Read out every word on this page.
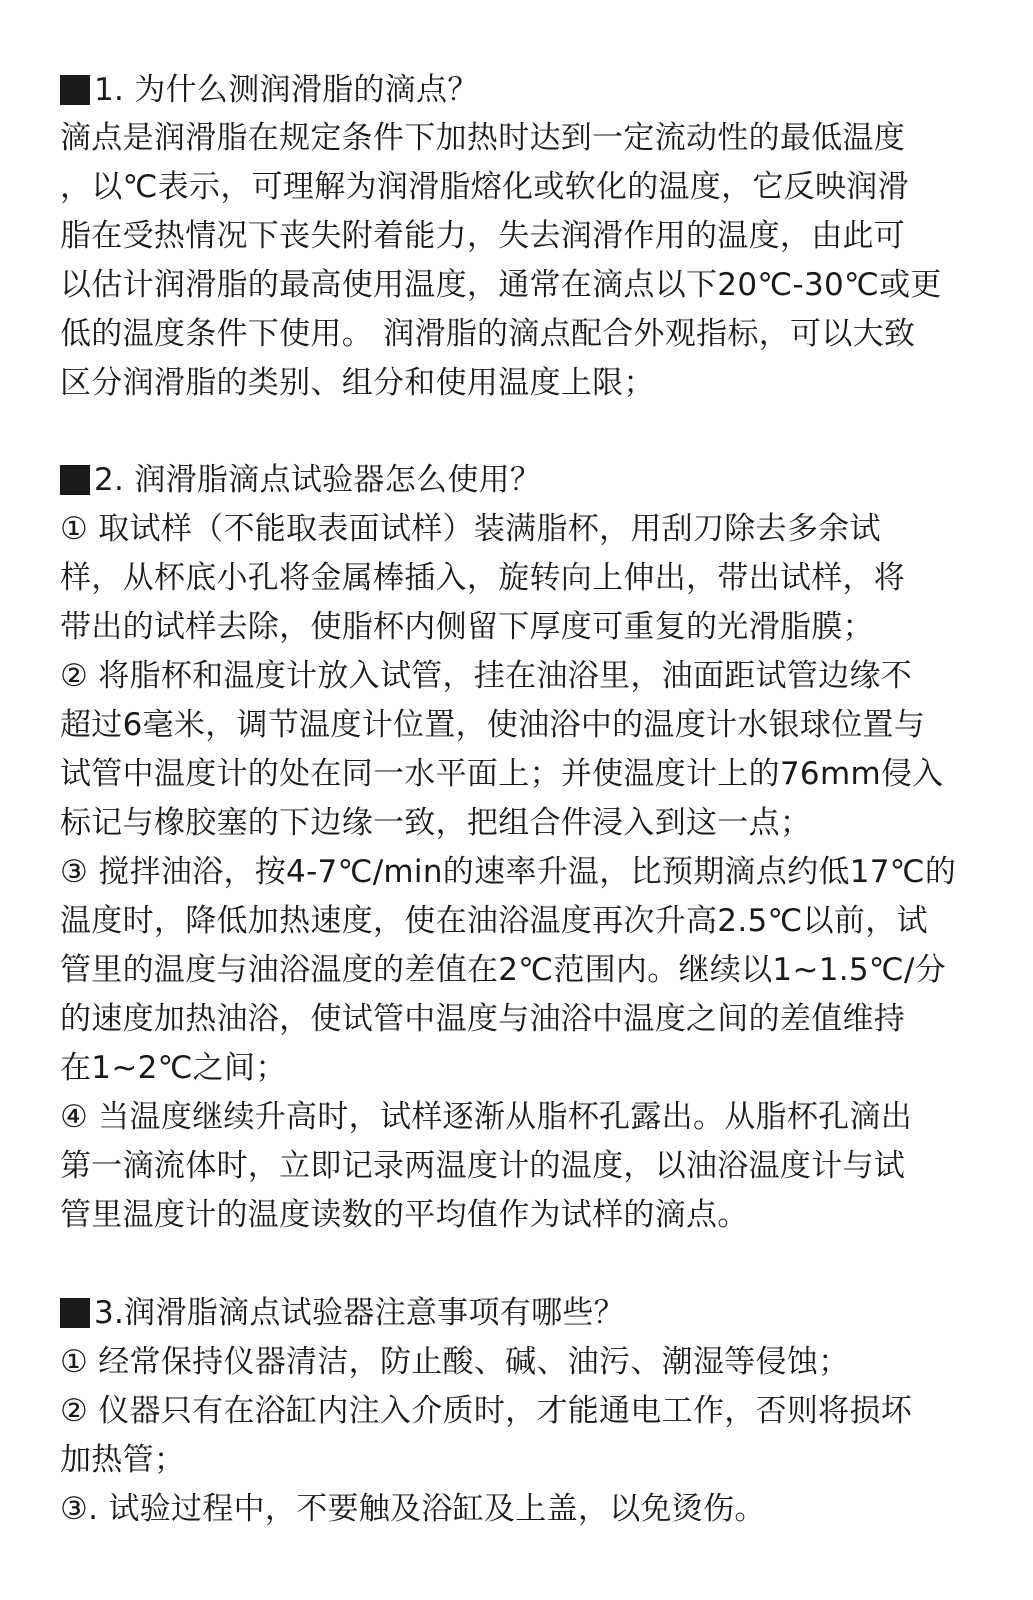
1. 为什么测润滑脂的滴点？

滴点是润滑脂在规定条件下加热时达到一定流动性的最低温度

，以℃表示，可理解为润滑脂熔化或软化的温度，它反映润滑

脂在受热情况下丧失附着能力，失去润滑作用的温度，由此可

以估计润滑脂的最高使用温度，通常在滴点以下20℃-30℃或更

低的温度条件下使用。 润滑脂的滴点配合外观指标，可以大致

区分润滑脂的类别、组分和使用温度上限；

2. 润滑脂滴点试验器怎么使用？

① 取试样（不能取表面试样）装满脂杯，用刮刀除去多余试

样，从杯底小孔将金属棒插入，旋转向上伸出，带出试样，将

带出的试样去除，使脂杯内侧留下厚度可重复的光滑脂膜；

② 将脂杯和温度计放入试管，挂在油浴里，油面距试管边缘不

超过6毫米，调节温度计位置，使油浴中的温度计水银球位置与

试管中温度计的处在同一水平面上；并使温度计上的76mm侵入

标记与橡胶塞的下边缘一致，把组合件浸入到这一点；

③ 搅拌油浴，按4-7℃/min的速率升温，比预期滴点约低17℃的

温度时，降低加热速度，使在油浴温度再次升高2.5℃以前，试

管里的温度与油浴温度的差值在2℃范围内。继续以1~1.5℃/分

的速度加热油浴，使试管中温度与油浴中温度之间的差值维持

在1~2℃之间；

④ 当温度继续升高时，试样逐渐从脂杯孔露出。从脂杯孔滴出

第一滴流体时，立即记录两温度计的温度，以油浴温度计与试

管里温度计的温度读数的平均值作为试样的滴点。

3.润滑脂滴点试验器注意事项有哪些？

① 经常保持仪器清洁，防止酸、碱、油污、潮湿等侵蚀；

② 仪器只有在浴缸内注入介质时，才能通电工作，否则将损坏

加热管；

③. 试验过程中，不要触及浴缸及上盖，以免烫伤。
